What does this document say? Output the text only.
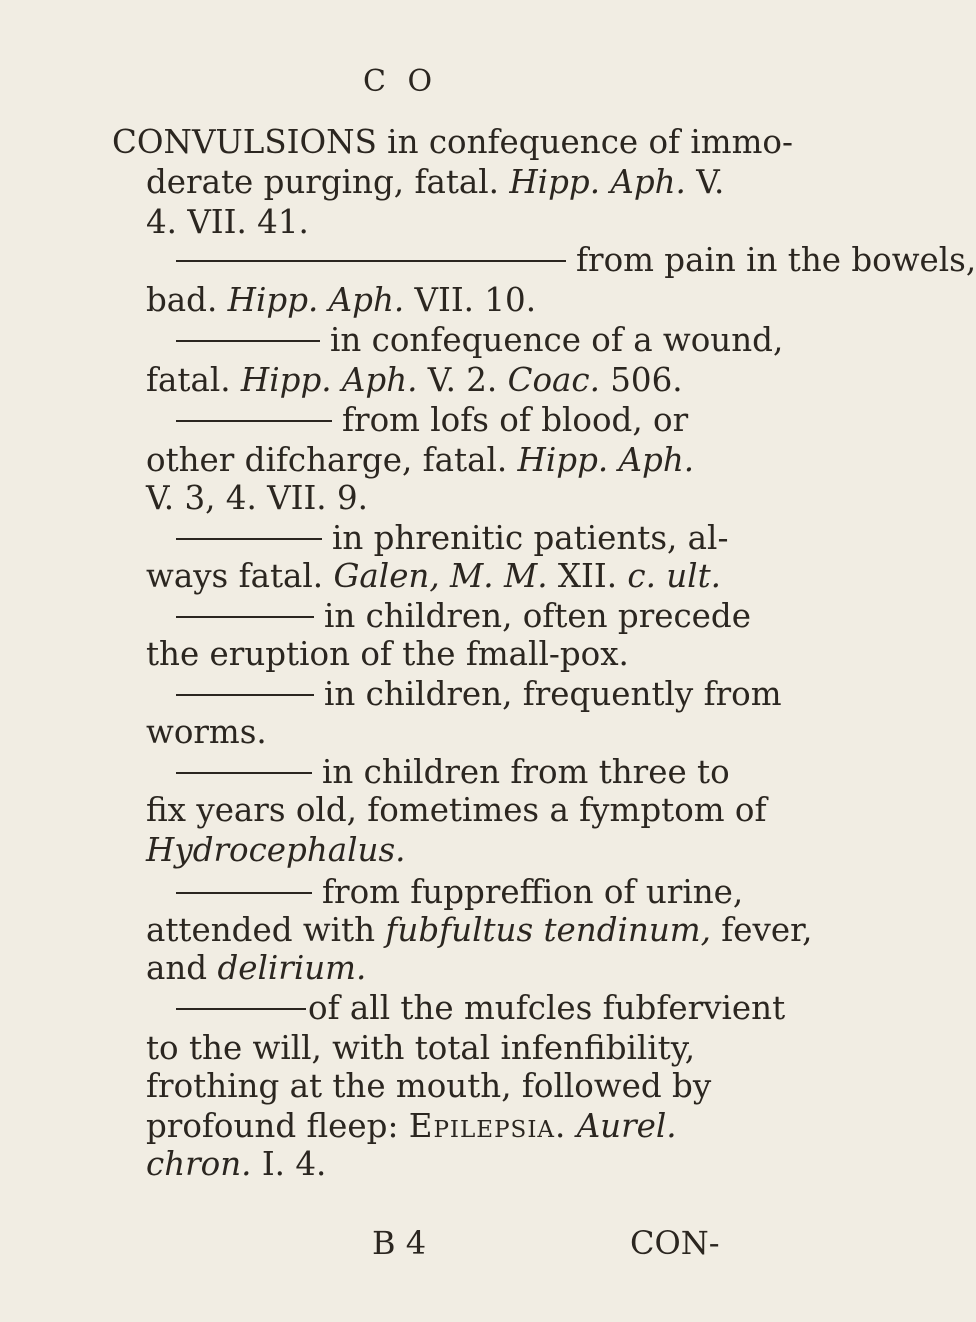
C O
CONVULSIONS in confequence of immo-
derate purging, fatal. Hipp. Aph. V.
4. VII. 41.
from pain in the bowels,
bad. Hipp. Aph. VII. 10.
in confequence of a wound,
fatal. Hipp. Aph. V. 2. Coac. 506.
from lofs of blood, or
other difcharge, fatal. Hipp. Aph.
V. 3, 4. VII. 9.
in phrenitic patients, al-
ways fatal. Galen, M. M. XII. c. ult.
in children, often precede
the eruption of the fmall-pox.
in children, frequently from
worms.
in children from three to
fix years old, fometimes a fymptom of
Hydrocephalus.
from fuppreffion of urine,
attended with fubfultus tendinum, fever,
and delirium.
of all the mufcles fubfervient
to the will, with total infenfibility,
frothing at the mouth, followed by
profound fleep: Epilepsia. Aurel.
chron. I. 4.
B 4	CON-
